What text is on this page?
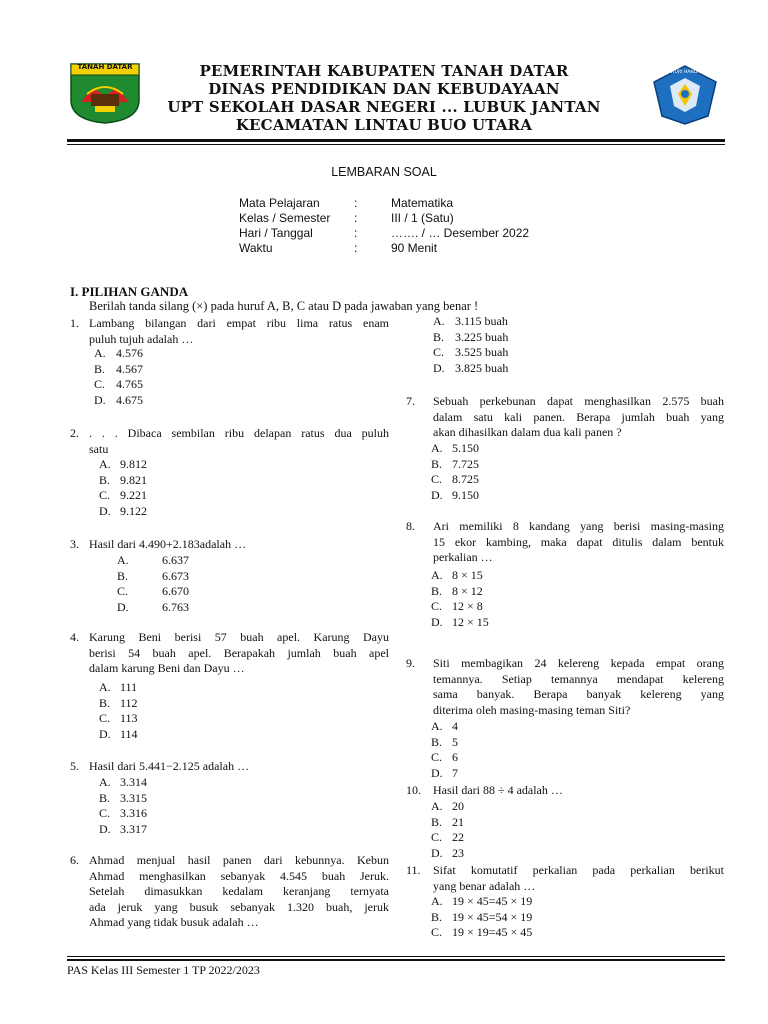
TANAH DATAR
TUT WURI HANDAYANI
PEMERINTAH KABUPATEN TANAH DATAR
DINAS PENDIDIKAN DAN KEBUDAYAAN
UPT SEKOLAH DASAR NEGERI ... LUBUK JANTAN
KECAMATAN LINTAU BUO UTARA
LEMBARAN SOAL
Mata Pelajaran	:	Matematika
Kelas / Semester :	III / 1 (Satu)
Hari / Tanggal	:	……. / … Desember 2022
Waktu	:	90 Menit
I. PILIHAN GANDA
Berilah tanda silang (×) pada huruf A, B, C atau D pada jawaban yang benar !
1. Lambang bilangan dari empat ribu lima ratus enam
puluh tujuh adalah …
A. 4.576
B. 4.567
C. 4.765
D. 4.675
2. . . . Dibaca sembilan ribu delapan ratus dua puluh
satu
A. 9.812
B. 9.821
C. 9.221
D. 9.122
3. Hasil dari 4.490+2.183adalah …
A.	6.637
B.	6.673
C.	6.670
D.	6.763
4. Karung Beni berisi 57 buah apel. Karung Dayu
berisi 54 buah apel. Berapakah jumlah buah apel
dalam karung Beni dan Dayu …
A. 111
B. 112
C. 113
D. 114
5. Hasil dari 5.441−2.125 adalah …
A. 3.314
B. 3.315
C. 3.316
D. 3.317
6. Ahmad menjual hasil panen dari kebunnya. Kebun
Ahmad menghasilkan sebanyak 4.545 buah Jeruk.
Setelah dimasukkan kedalam keranjang ternyata
ada jeruk yang busuk sebanyak 1.320 buah, jeruk
Ahmad yang tidak busuk adalah …
A. 3.115 buah
B. 3.225 buah
C. 3.525 buah
D. 3.825 buah
7. Sebuah perkebunan dapat menghasilkan 2.575 buah
dalam satu kali panen. Berapa jumlah buah yang
akan dihasilkan dalam dua kali panen ?
A. 5.150
B. 7.725
C. 8.725
D. 9.150
8. Ari memiliki 8 kandang yang berisi masing-masing
15 ekor kambing, maka dapat ditulis dalam bentuk
perkalian …
A. 8 × 15
B. 8 × 12
C. 12 × 8
D. 12 × 15
9. Siti membagikan 24 kelereng kepada empat orang
temannya. Setiap temannya mendapat kelereng
sama banyak. Berapa banyak kelereng yang
diterima oleh masing-masing teman Siti?
A. 4
B. 5
C. 6
D. 7
10. Hasil dari 88 ÷ 4 adalah …
A. 20
B. 21
C. 22
D. 23
11. Sifat komutatif perkalian pada perkalian berikut
yang benar adalah …
A. 19 × 45=45 × 19
B. 19 × 45=54 × 19
C. 19 × 19=45 × 45
PAS Kelas III Semester 1 TP 2022/2023
